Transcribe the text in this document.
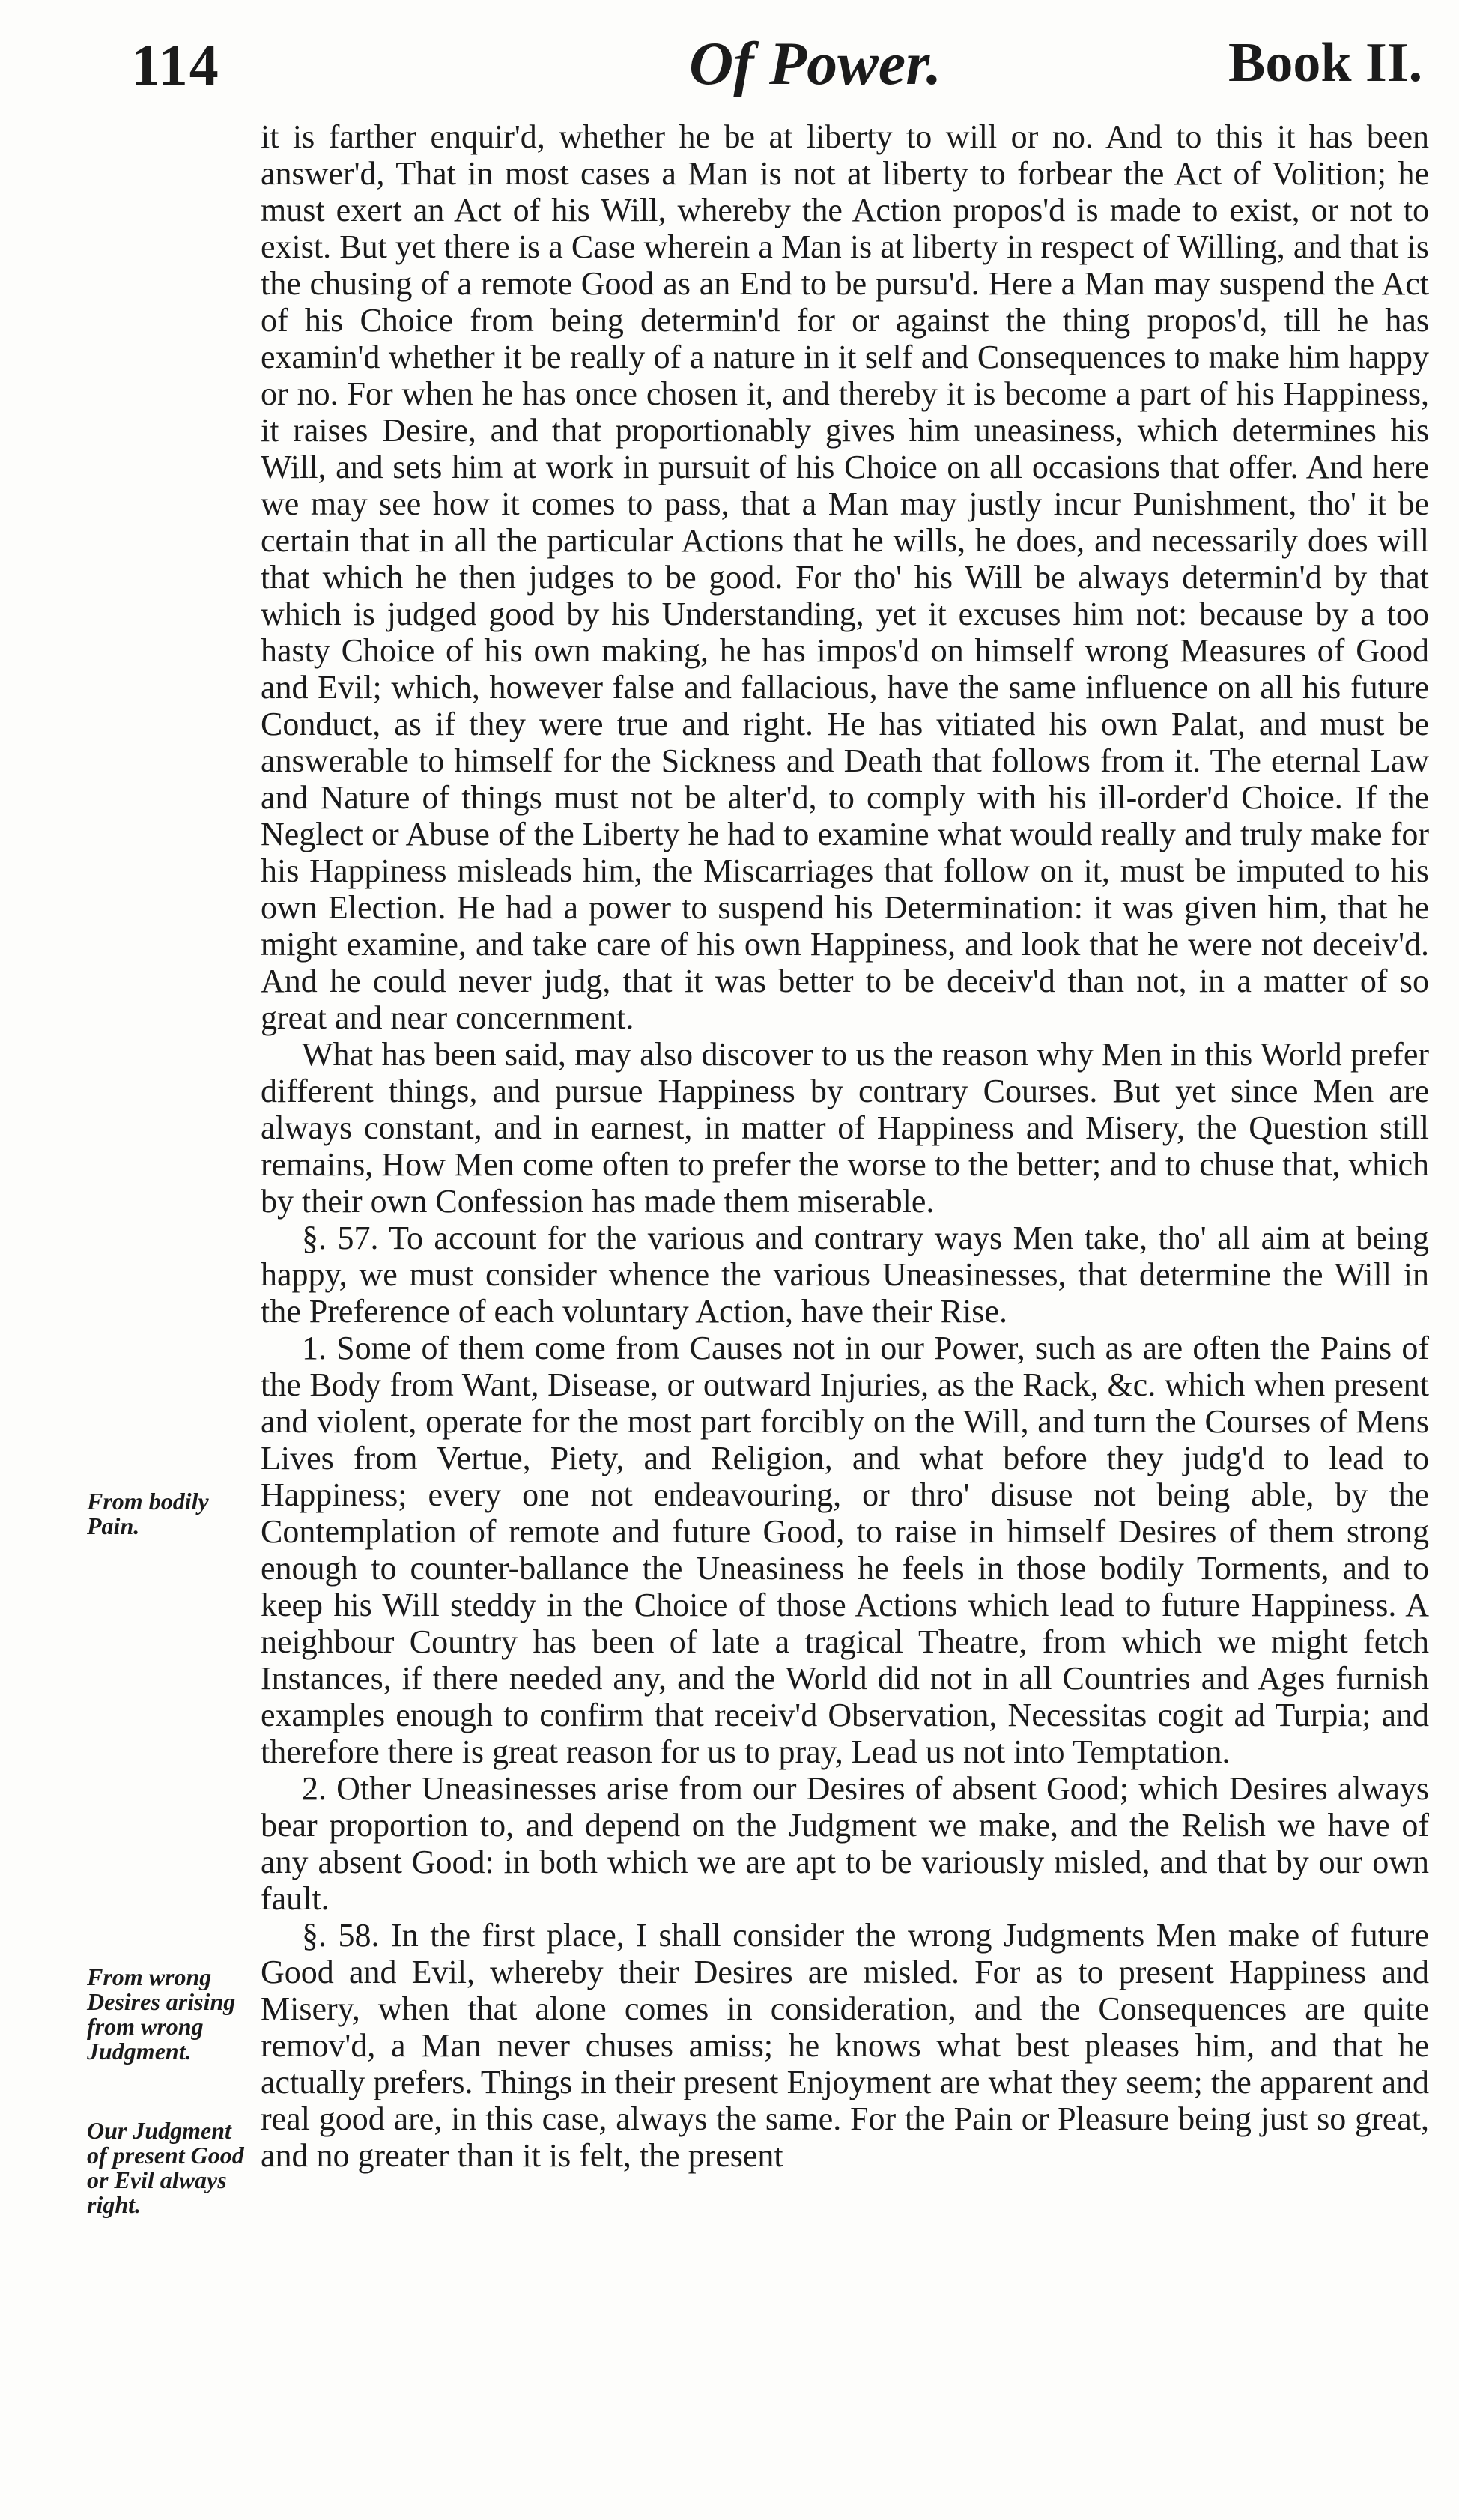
114	Of Power.	Book II.
From bodily Pain.
From wrong Desires arising from wrong Judgment.
Our Judgment of present Good or Evil always right.

it is farther enquir'd, whether he be at liberty to will or no. And to this it has been answer'd, That in most cases a Man is not at liberty to forbear the Act of Volition; he must exert an Act of his Will, whereby the Action propos'd is made to exist, or not to exist. But yet there is a Case wherein a Man is at liberty in respect of Willing, and that is the chusing of a remote Good as an End to be pursu'd. Here a Man may suspend the Act of his Choice from being determin'd for or against the thing propos'd, till he has examin'd whether it be really of a nature in it self and Consequences to make him happy or no. For when he has once chosen it, and thereby it is become a part of his Happiness, it raises Desire, and that proportionably gives him uneasiness, which determines his Will, and sets him at work in pursuit of his Choice on all occasions that offer. And here we may see how it comes to pass, that a Man may justly incur Punishment, tho' it be certain that in all the particular Actions that he wills, he does, and necessarily does will that which he then judges to be good. For tho' his Will be always determin'd by that which is judged good by his Understanding, yet it excuses him not: because by a too hasty Choice of his own making, he has impos'd on himself wrong Measures of Good and Evil; which, however false and fallacious, have the same influence on all his future Conduct, as if they were true and right. He has vitiated his own Palat, and must be answerable to himself for the Sickness and Death that follows from it. The eternal Law and Nature of things must not be alter'd, to comply with his ill-order'd Choice. If the Neglect or Abuse of the Liberty he had to examine what would really and truly make for his Happiness misleads him, the Miscarriages that follow on it, must be imputed to his own Election. He had a power to suspend his Determination: it was given him, that he might examine, and take care of his own Happiness, and look that he were not deceiv'd. And he could never judg, that it was better to be deceiv'd than not, in a matter of so great and near concernment.

What has been said, may also discover to us the reason why Men in this World prefer different things, and pursue Happiness by contrary Courses. But yet since Men are always constant, and in earnest, in matter of Happiness and Misery, the Question still remains, How Men come often to prefer the worse to the better; and to chuse that, which by their own Confession has made them miserable.

§. 57. To account for the various and contrary ways Men take, tho' all aim at being happy, we must consider whence the various Uneasinesses, that determine the Will in the Preference of each voluntary Action, have their Rise.

1. Some of them come from Causes not in our Power, such as are often the Pains of the Body from Want, Disease, or outward Injuries, as the Rack, &c. which when present and violent, operate for the most part forcibly on the Will, and turn the Courses of Mens Lives from Vertue, Piety, and Religion, and what before they judg'd to lead to Happiness; every one not endeavouring, or thro' disuse not being able, by the Contemplation of remote and future Good, to raise in himself Desires of them strong enough to counter-ballance the Uneasiness he feels in those bodily Torments, and to keep his Will steddy in the Choice of those Actions which lead to future Happiness. A neighbour Country has been of late a tragical Theatre, from which we might fetch Instances, if there needed any, and the World did not in all Countries and Ages furnish examples enough to confirm that receiv'd Observation, Necessitas cogit ad Turpia; and therefore there is great reason for us to pray, Lead us not into Temptation.

2. Other Uneasinesses arise from our Desires of absent Good; which Desires always bear proportion to, and depend on the Judgment we make, and the Relish we have of any absent Good: in both which we are apt to be variously misled, and that by our own fault.

§. 58. In the first place, I shall consider the wrong Judgments Men make of future Good and Evil, whereby their Desires are misled. For as to present Happiness and Misery, when that alone comes in consideration, and the Consequences are quite remov'd, a Man never chuses amiss; he knows what best pleases him, and that he actually prefers. Things in their present Enjoyment are what they seem; the apparent and real good are, in this case, always the same. For the Pain or Pleasure being just so great, and no greater than it is felt, the present
